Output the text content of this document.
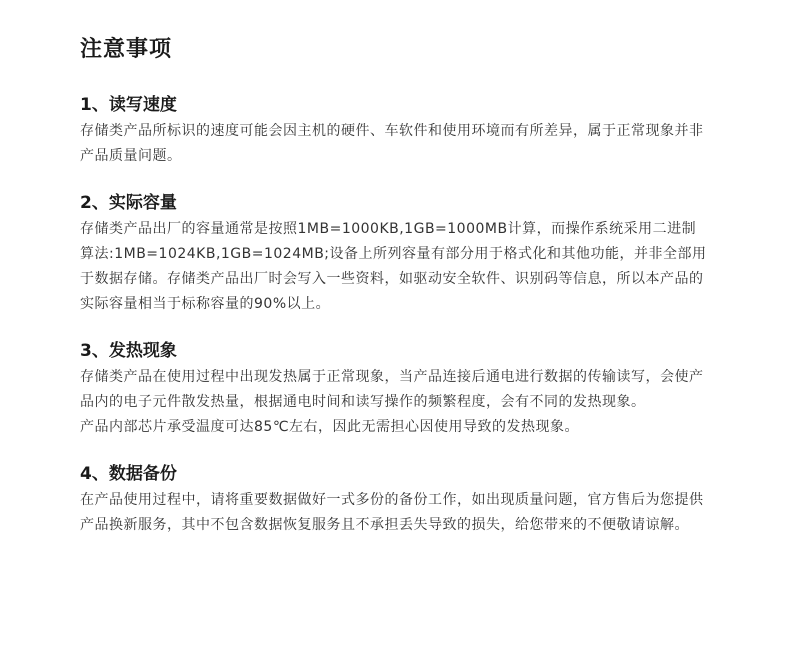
注意事项
1、读写速度

存储类产品所标识的速度可能会因主机的硬件、车软件和使用环境而有所差异，属于正常现象并非产品质量问题。

2、实际容量

存储类产品出厂的容量通常是按照1MB=1000KB,1GB=1000MB计算，而操作系统采用二进制算法:1MB=1024KB,1GB=1024MB;设备上所列容量有部分用于格式化和其他功能，并非全部用于数据存储。存储类产品出厂时会写入一些资料，如驱动安全软件、识别码等信息，所以本产品的实际容量相当于标称容量的90%以上。

3、发热现象

存储类产品在使用过程中出现发热属于正常现象，当产品连接后通电进行数据的传输读写，会使产品内的电子元件散发热量，根据通电时间和读写操作的频繁程度，会有不同的发热现象。

产品内部芯片承受温度可达85℃左右，因此无需担心因使用导致的发热现象。

4、数据备份

在产品使用过程中，请将重要数据做好一式多份的备份工作，如出现质量问题，官方售后为您提供产品换新服务，其中不包含数据恢复服务且不承担丢失导致的损失，给您带来的不便敬请谅解。
